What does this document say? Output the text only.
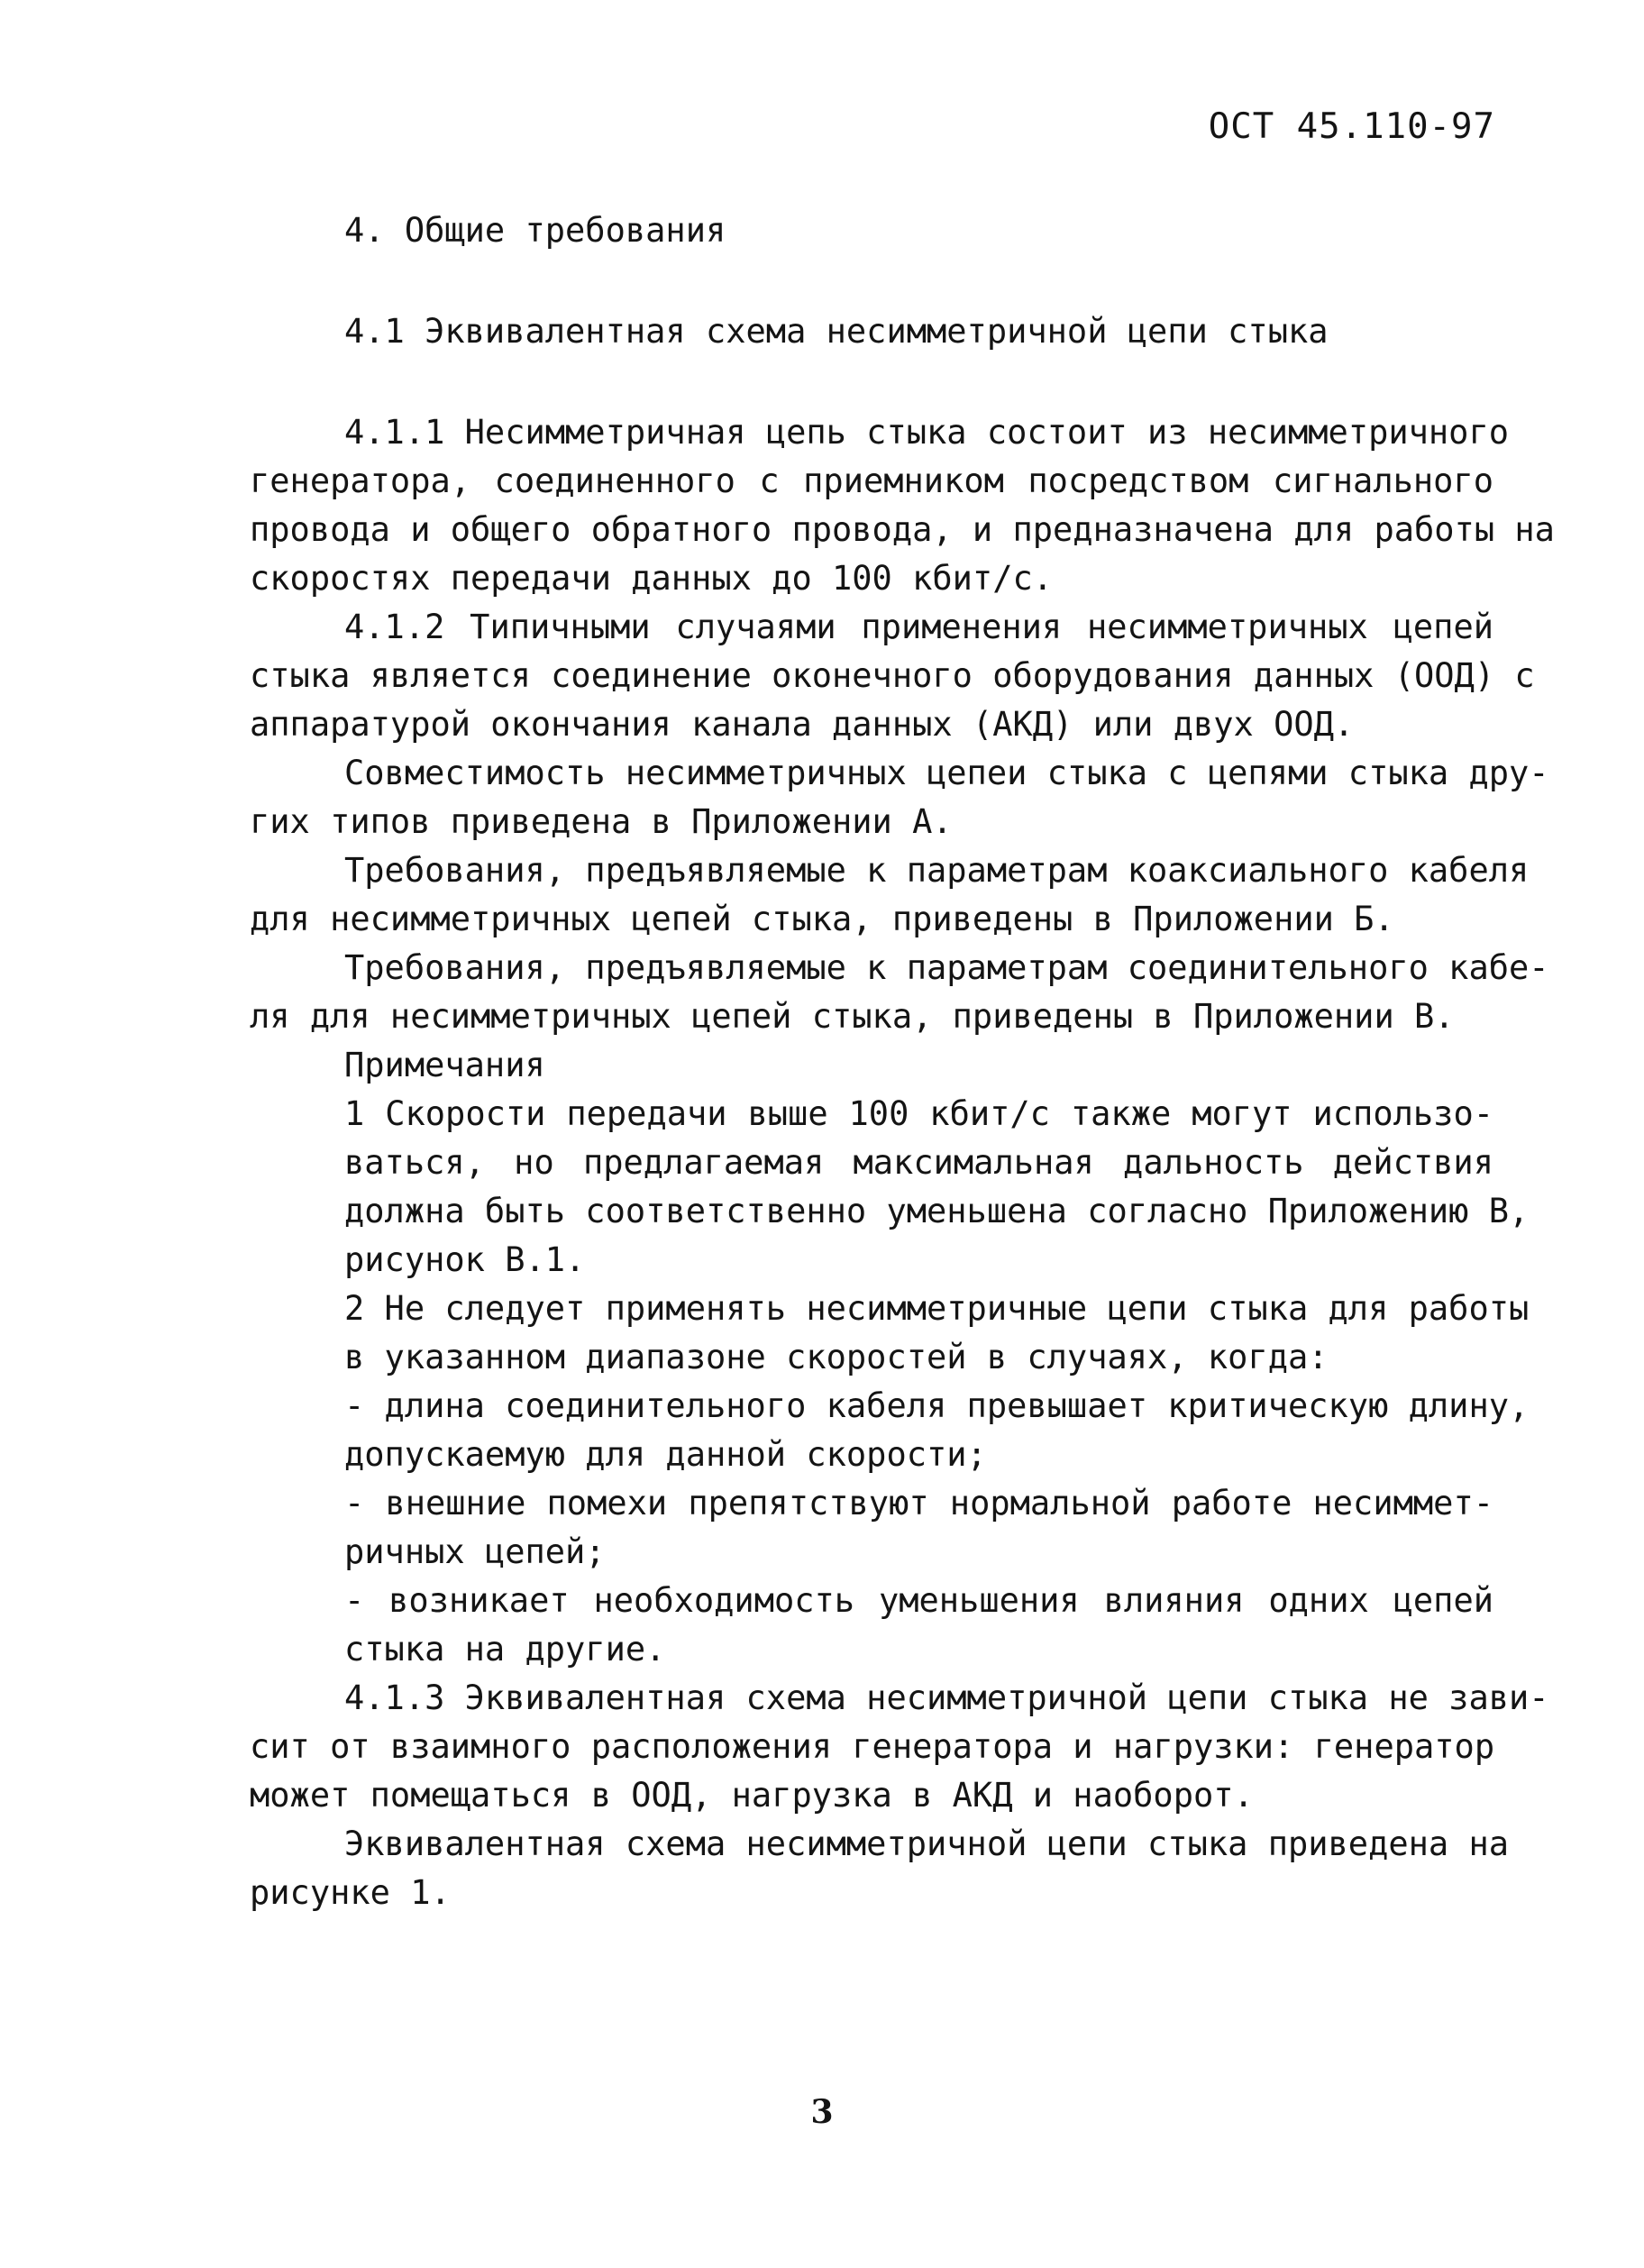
ОСТ 45.110-97
4. Общие требования
4.1 Эквивалентная схема несимметричной цепи стыка
4.1.1 Несимметричная цепь стыка состоит из несимметричного
генератора, соединенного с приемником посредством сигнального
провода и общего обратного провода, и предназначена для работы на
скоростях передачи данных до 100 кбит/с.
4.1.2 Типичными случаями применения несимметричных цепей
стыка является соединение оконечного оборудования данных (ООД) с
аппаратурой окончания канала данных (АКД) или двух ООД.
Совместимость несимметричных цепеи стыка с цепями стыка дру-
гих типов приведена в Приложении А.
Требования, предъявляемые к параметрам коаксиального кабеля
для несимметричных цепей стыка, приведены в Приложении Б.
Требования, предъявляемые к параметрам соединительного кабе-
ля для несимметричных цепей стыка, приведены в Приложении В.
Примечания
1 Скорости передачи выше 100 кбит/с также могут использо-
ваться, но предлагаемая максимальная дальность действия
должна быть соответственно уменьшена согласно Приложению В,
рисунок В.1.
2 Не следует применять несимметричные цепи стыка для работы
в указанном диапазоне скоростей в случаях, когда:
- длина соединительного кабеля превышает критическую длину,
допускаемую для данной скорости;
- внешние помехи препятствуют нормальной работе несиммет-
ричных цепей;
- возникает необходимость уменьшения влияния одних цепей
стыка на другие.
4.1.3 Эквивалентная схема несимметричной цепи стыка не зави-
сит от взаимного расположения генератора и нагрузки: генератор
может помещаться в ООД, нагрузка в АКД и наоборот.
Эквивалентная схема несимметричной цепи стыка приведена на
рисунке 1.
3
